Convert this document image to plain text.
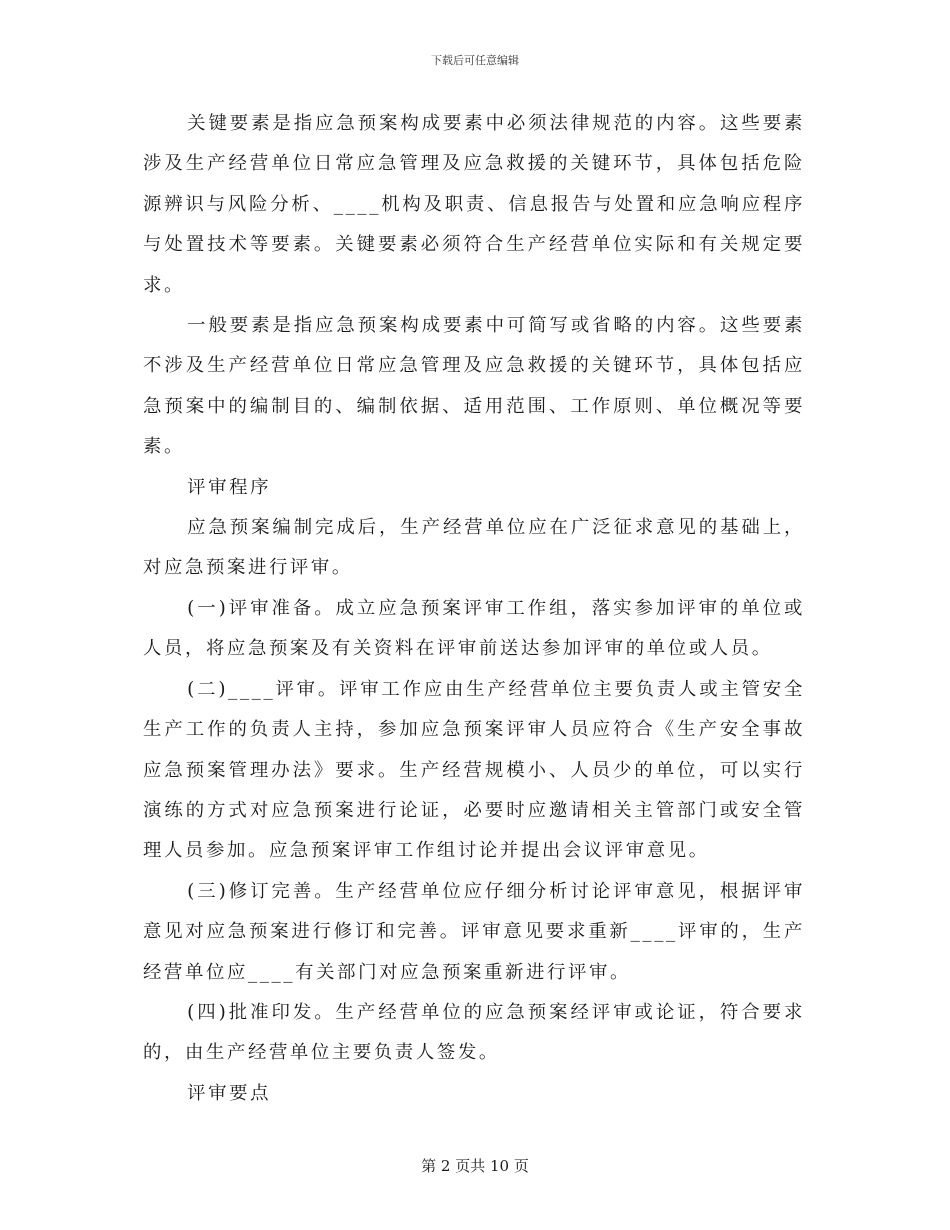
下载后可任意编辑

关键要素是指应急预案构成要素中必须法律规范的内容。这些要素涉及生产经营单位日常应急管理及应急救援的关键环节，具体包括危险源辨识与风险分析、____机构及职责、信息报告与处置和应急响应程序与处置技术等要素。关键要素必须符合生产经营单位实际和有关规定要求。

一般要素是指应急预案构成要素中可简写或省略的内容。这些要素不涉及生产经营单位日常应急管理及应急救援的关键环节，具体包括应急预案中的编制目的、编制依据、适用范围、工作原则、单位概况等要素。

评审程序

应急预案编制完成后，生产经营单位应在广泛征求意见的基础上，对应急预案进行评审。

(一)评审准备。成立应急预案评审工作组，落实参加评审的单位或人员，将应急预案及有关资料在评审前送达参加评审的单位或人员。

(二)____评审。评审工作应由生产经营单位主要负责人或主管安全生产工作的负责人主持，参加应急预案评审人员应符合《生产安全事故应急预案管理办法》要求。生产经营规模小、人员少的单位，可以实行演练的方式对应急预案进行论证，必要时应邀请相关主管部门或安全管理人员参加。应急预案评审工作组讨论并提出会议评审意见。

(三)修订完善。生产经营单位应仔细分析讨论评审意见，根据评审意见对应急预案进行修订和完善。评审意见要求重新____评审的，生产经营单位应____有关部门对应急预案重新进行评审。

(四)批准印发。生产经营单位的应急预案经评审或论证，符合要求的，由生产经营单位主要负责人签发。

评审要点

第 2 页共 10 页
